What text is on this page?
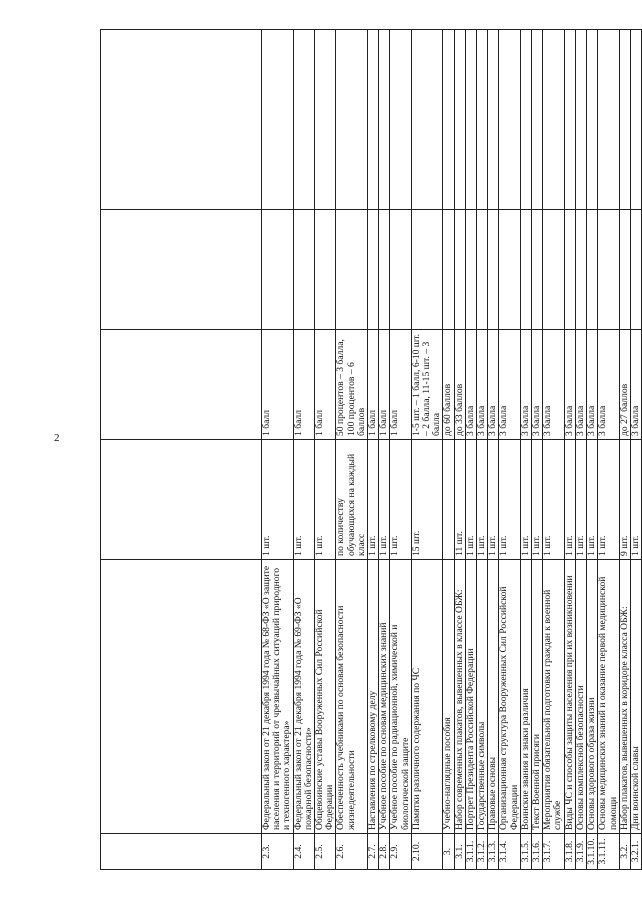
2

2.3.	Федеральный закон от 21 декабря 1994 года № 68-ФЗ «О защите населения и территорий от чрезвычайных ситуаций природного и техногенного характера»	1 шт.	1 балл		
2.4.	Федеральный закон от 21 декабря 1994 года № 69-ФЗ «О пожарной безопасности»	1 шт.	1 балл		
2.5.	Общевоинские уставы Вооруженных Сил Российской Федерации	1 шт.	1 балл		
2.6.	Обеспеченность учебниками по основам безопасности жизнедеятельности	по количеству обучающихся на каждый класс	50 процентов – 3 балла, 100 процентов – 6 баллов		
2.7.	Наставления по стрелковому делу	1 шт.	1 балл		
2.8.	Учебное пособие по основам медицинских знаний	1 шт.	1 балл		
2.9.	Учебное пособие по радиационной, химической и биологической защите	1 шт.	1 балл		
2.10.	Памятки различного содержания по ЧС	15 шт.	1-5 шт. – 1 балл, 6-10 шт. – 2 балла, 11-15 шт. – 3 балла		
3.	Учебно-наглядные пособия		до 60 баллов		
3.1.	Набор современных плакатов, вывешенных в классе ОБЖ:	11 шт.	до 33 баллов		
3.1.1.	Портрет Президента Российской Федерации	1 шт.	3 балла		
3.1.2.	Государственные символы	1 шт.	3 балла		
3.1.3.	Правовые основы	1 шт.	3 балла		
3.1.4.	Организационная структура Вооруженных Сил Российской Федерации	1 шт.	3 балла		
3.1.5.	Воинские звания и знаки различия	1 шт.	3 балла		
3.1.6.	Текст Военной присяги	1 шт.	3 балла		
3.1.7.	Мероприятия обязательной подготовки граждан к военной службе	1 шт.	3 балла		
3.1.8.	Виды ЧС и способы защиты населения при их возникновении	1 шт.	3 балла		
3.1.9.	Основы комплексной безопасности	1 шт.	3 балла		
3.1.10.	Основы здорового образа жизни	1 шт.	3 балла		
3.1.11.	Основы медицинских знаний и оказание первой медицинской помощи	1 шт.	3 балла		
3.2.	Набор плакатов, вывешенных в коридоре класса ОБЖ:	9 шт.	до 27 баллов		
3.2.1.	Дни воинской славы	1 шт.	3 балла		
